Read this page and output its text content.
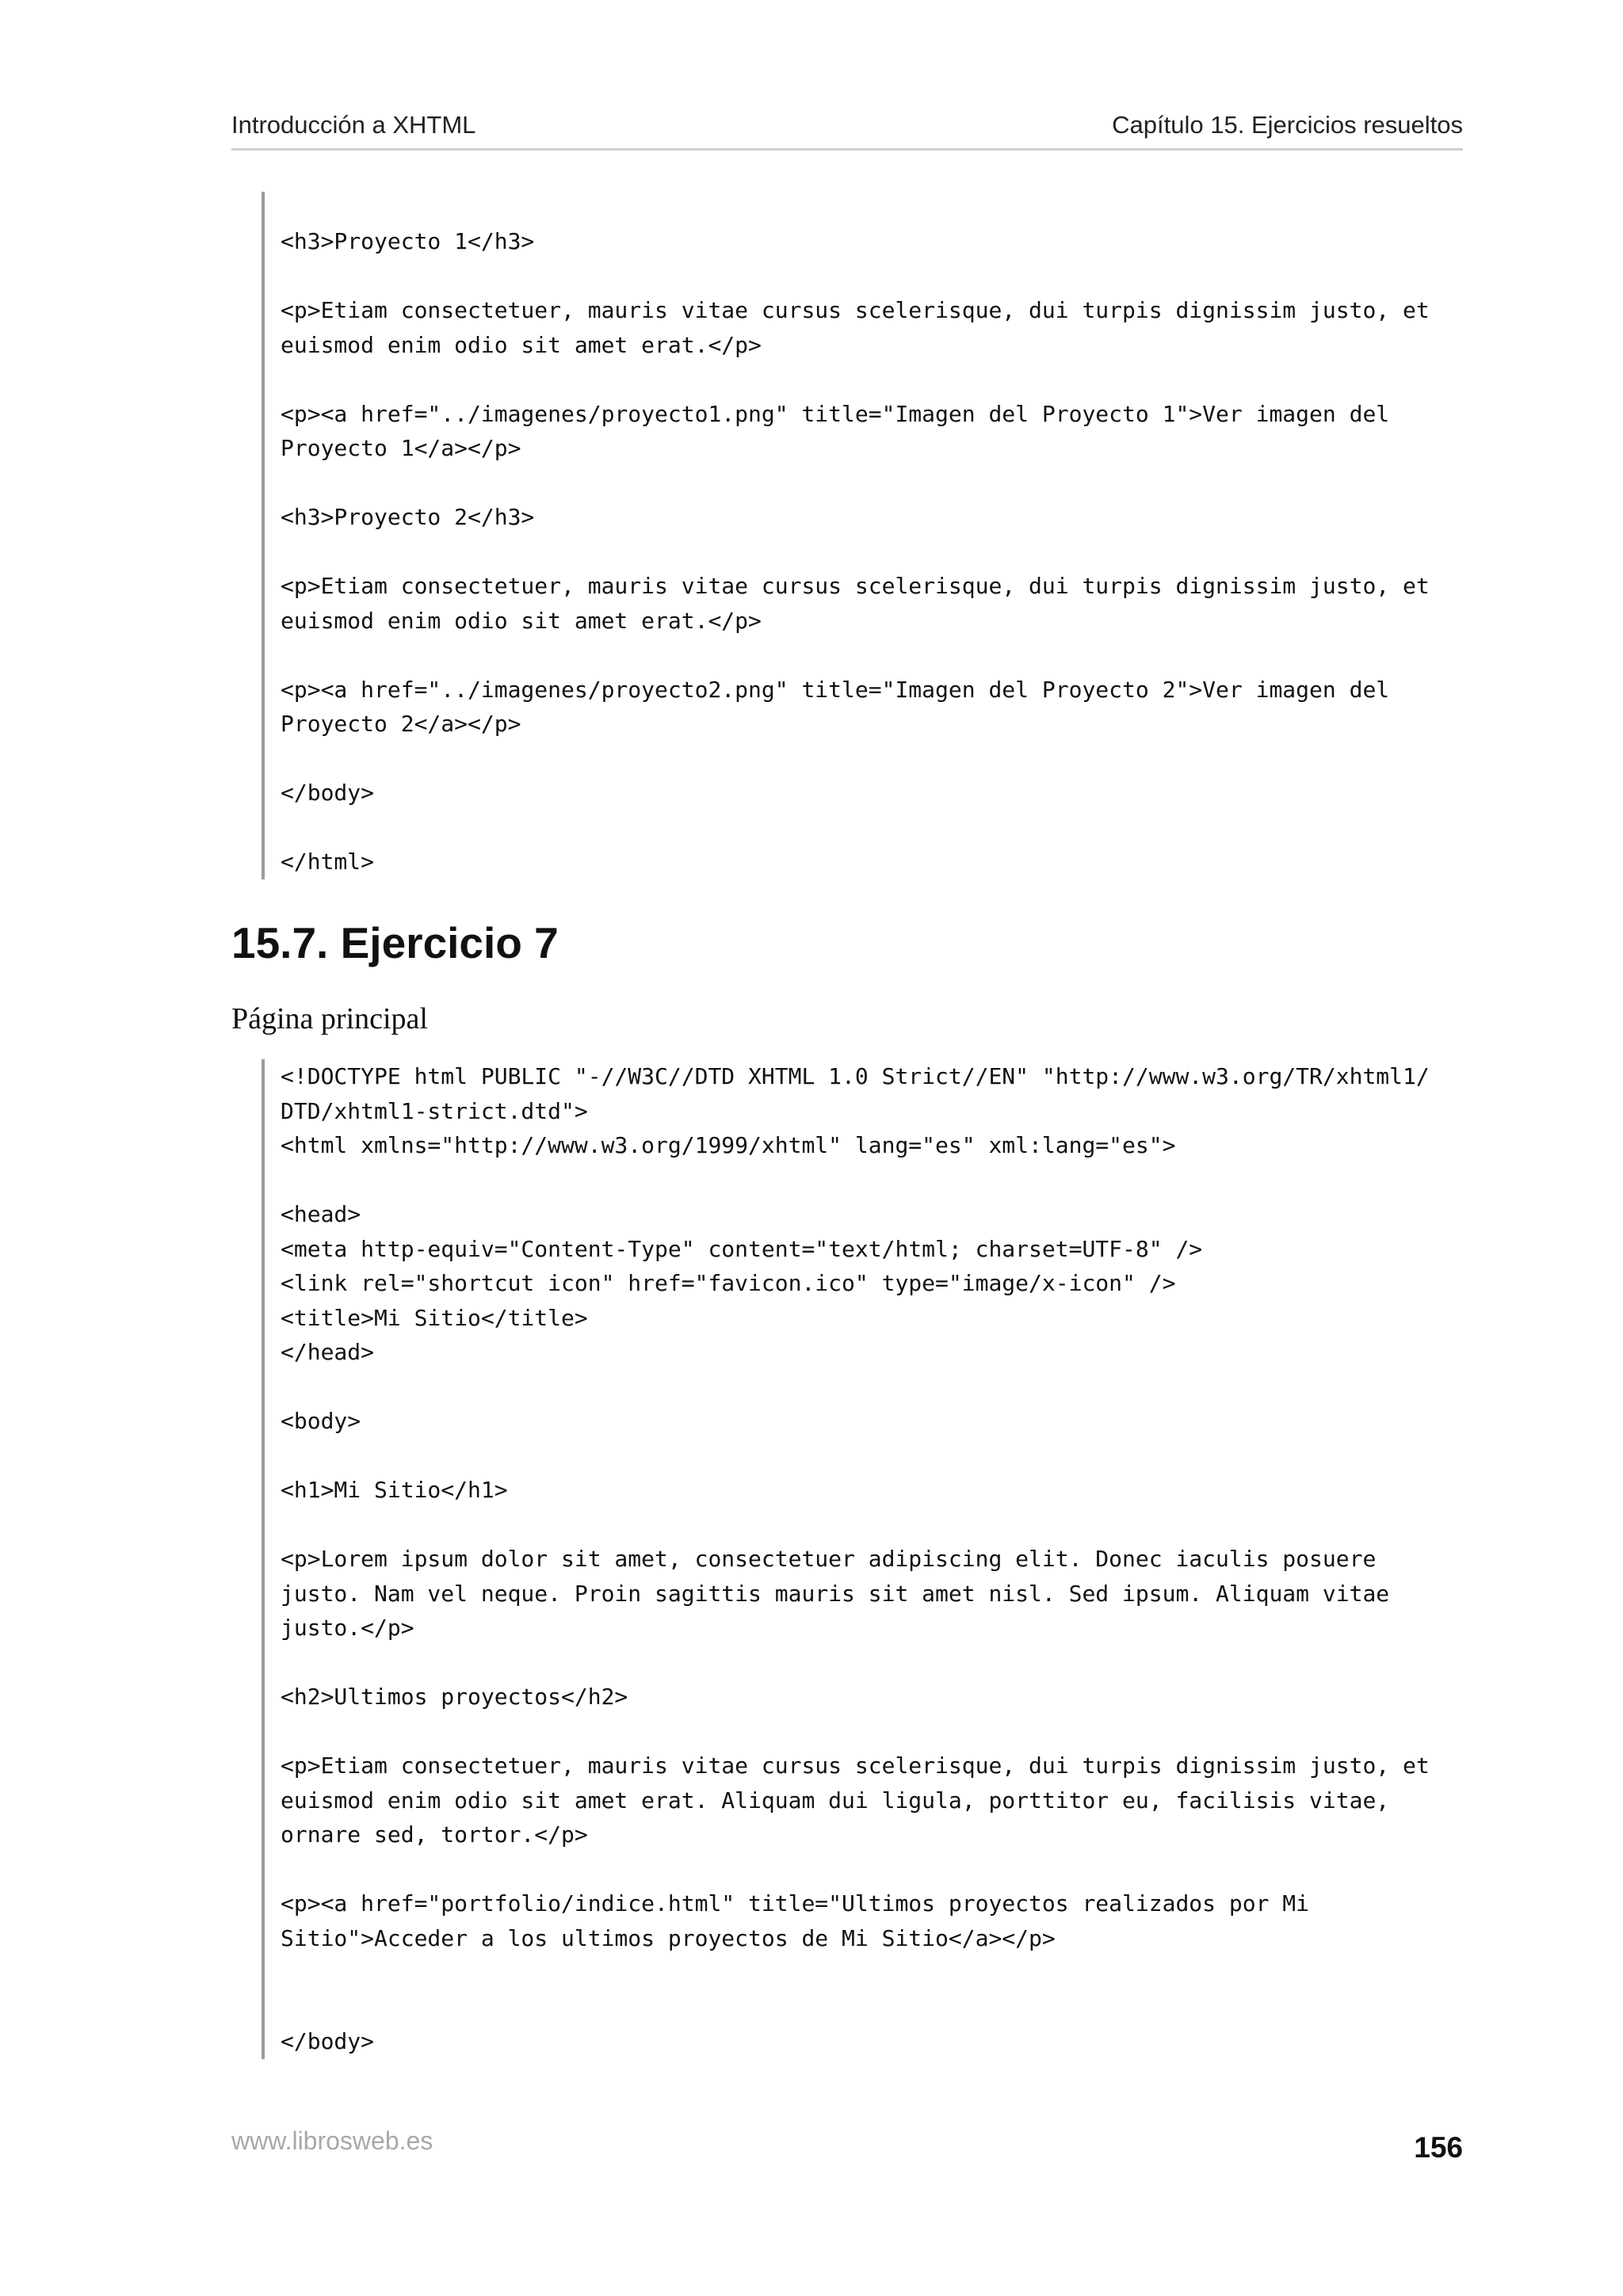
Introducción a XHTML	Capítulo 15. Ejercicios resueltos
<h3>Proyecto 1</h3>

<p>Etiam consectetuer, mauris vitae cursus scelerisque, dui turpis dignissim justo, et
euismod enim odio sit amet erat.</p>

<p><a href="../imagenes/proyecto1.png" title="Imagen del Proyecto 1">Ver imagen del
Proyecto 1</a></p>

<h3>Proyecto 2</h3>

<p>Etiam consectetuer, mauris vitae cursus scelerisque, dui turpis dignissim justo, et
euismod enim odio sit amet erat.</p>

<p><a href="../imagenes/proyecto2.png" title="Imagen del Proyecto 2">Ver imagen del
Proyecto 2</a></p>

</body>

</html>
15.7. Ejercicio 7

Página principal

<!DOCTYPE html PUBLIC "-//W3C//DTD XHTML 1.0 Strict//EN" "http://www.w3.org/TR/xhtml1/
DTD/xhtml1-strict.dtd">
<html xmlns="http://www.w3.org/1999/xhtml" lang="es" xml:lang="es">

<head>
<meta http-equiv="Content-Type" content="text/html; charset=UTF-8" />
<link rel="shortcut icon" href="favicon.ico" type="image/x-icon" />
<title>Mi Sitio</title>
</head>

<body>

<h1>Mi Sitio</h1>

<p>Lorem ipsum dolor sit amet, consectetuer adipiscing elit. Donec iaculis posuere
justo. Nam vel neque. Proin sagittis mauris sit amet nisl. Sed ipsum. Aliquam vitae
justo.</p>

<h2>Ultimos proyectos</h2>

<p>Etiam consectetuer, mauris vitae cursus scelerisque, dui turpis dignissim justo, et
euismod enim odio sit amet erat. Aliquam dui ligula, porttitor eu, facilisis vitae,
ornare sed, tortor.</p>

<p><a href="portfolio/indice.html" title="Ultimos proyectos realizados por Mi
Sitio">Acceder a los ultimos proyectos de Mi Sitio</a></p>

</body>
www.librosweb.es	156
